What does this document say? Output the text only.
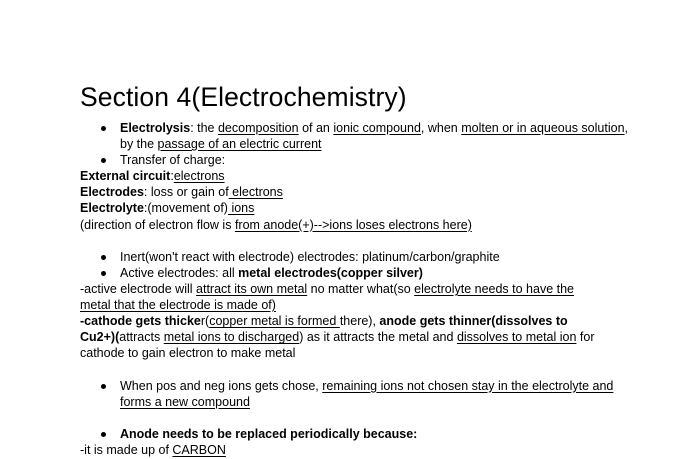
Section 4(Electrochemistry)
Electrolysis: the decomposition of an ionic compound, when molten or in aqueous solution, by the passage of an electric current
Transfer of charge:
External circuit:electrons
Electrodes: loss or gain of electrons
Electrolyte:(movement of) ions
(direction of electron flow is from anode(+)-->ions loses electrons here)
Inert(won't react with electrode) electrodes: platinum/carbon/graphite
Active electrodes: all metal electrodes(copper silver)
-active electrode will attract its own metal no matter what(so electrolyte needs to have the metal that the electrode is made of)
-cathode gets thicker(copper metal is formed there), anode gets thinner(dissolves to Cu2+)(attracts metal ions to discharged) as it attracts the metal and dissolves to metal ion for cathode to gain electron to make metal
When pos and neg ions gets chose, remaining ions not chosen stay in the electrolyte and forms a new compound
Anode needs to be replaced periodically because:
-it is made up of CARBON
